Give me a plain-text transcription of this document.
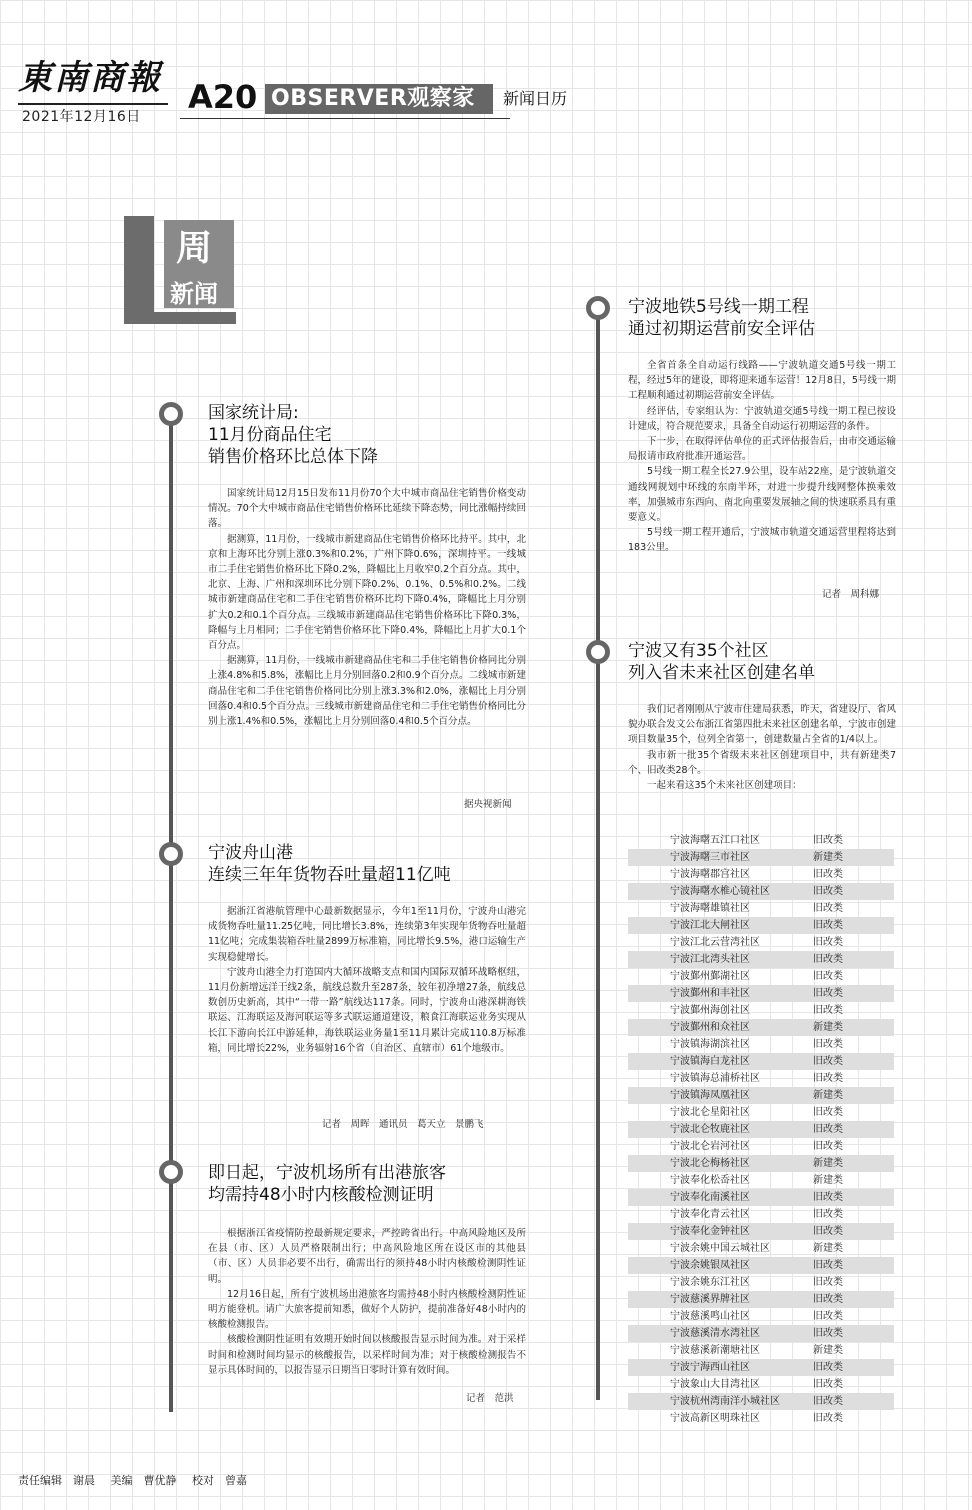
東南商報
2021年12月16日
A20 OBSERVER观察家	新闻日历
周
新闻
国家统计局:
11月份商品住宅
销售价格环比总体下降

国家统计局12月15日发布11月份70个大中城市商品住宅销售价格变动情况。70个大中城市商品住宅销售价格环比延续下降态势，同比涨幅持续回落。

据测算，11月份，一线城市新建商品住宅销售价格环比持平。其中，北京和上海环比分别上涨0.3%和0.2%，广州下降0.6%，深圳持平。一线城市二手住宅销售价格环比下降0.2%，降幅比上月收窄0.2个百分点。其中，北京、上海、广州和深圳环比分别下降0.2%、0.1%、0.5%和0.2%。二线城市新建商品住宅和二手住宅销售价格环比均下降0.4%，降幅比上月分别扩大0.2和0.1个百分点。三线城市新建商品住宅销售价格环比下降0.3%，降幅与上月相同；二手住宅销售价格环比下降0.4%，降幅比上月扩大0.1个百分点。

据测算，11月份，一线城市新建商品住宅和二手住宅销售价格同比分别上涨4.8%和5.8%，涨幅比上月分别回落0.2和0.9个百分点。二线城市新建商品住宅和二手住宅销售价格同比分别上涨3.3%和2.0%，涨幅比上月分别回落0.4和0.5个百分点。三线城市新建商品住宅和二手住宅销售价格同比分别上涨1.4%和0.5%，涨幅比上月分别回落0.4和0.5个百分点。

据央视新闻
宁波舟山港
连续三年年货物吞吐量超11亿吨

据浙江省港航管理中心最新数据显示，今年1至11月份，宁波舟山港完成货物吞吐量11.25亿吨，同比增长3.8%，连续第3年实现年货物吞吐量超11亿吨；完成集装箱吞吐量2899万标准箱，同比增长9.5%，港口运输生产实现稳健增长。

宁波舟山港全力打造国内大循环战略支点和国内国际双循环战略枢纽，11月份新增远洋干线2条，航线总数升至287条，较年初净增27条，航线总数创历史新高，其中“一带一路”航线达117条。同时，宁波舟山港深耕海铁联运、江海联运及海河联运等多式联运通道建设，粮食江海联运业务实现从长江下游向长江中游延伸，海铁联运业务量1至11月累计完成110.8万标准箱，同比增长22%，业务辐射16个省（自治区、直辖市）61个地级市。

记者　周晖　通讯员　葛天立　景鹏飞
即日起，宁波机场所有出港旅客
均需持48小时内核酸检测证明

根据浙江省疫情防控最新规定要求，严控跨省出行。中高风险地区及所在县（市、区）人员严格限制出行；中高风险地区所在设区市的其他县（市、区）人员非必要不出行，确需出行的须持48小时内核酸检测阴性证明。

12月16日起，所有宁波机场出港旅客均需持48小时内核酸检测阴性证明方能登机。请广大旅客提前知悉，做好个人防护，提前准备好48小时内的核酸检测报告。

核酸检测阴性证明有效期开始时间以核酸报告显示时间为准。对于采样时间和检测时间均显示的核酸报告，以采样时间为准；对于核酸检测报告不显示具体时间的，以报告显示日期当日零时计算有效时间。

记者　范洪
宁波地铁5号线一期工程
通过初期运营前安全评估

全省首条全自动运行线路——宁波轨道交通5号线一期工程，经过5年的建设，即将迎来通车运营！12月8日，5号线一期工程顺利通过初期运营前安全评估。

经评估，专家组认为：宁波轨道交通5号线一期工程已按设计建成，符合规范要求，具备全自动运行初期运营的条件。

下一步，在取得评估单位的正式评估报告后，由市交通运输局报请市政府批准开通运营。

5号线一期工程全长27.9公里，设车站22座，是宁波轨道交通线网规划中环线的东南半环，对进一步提升线网整体换乘效率，加强城市东西向、南北向重要发展轴之间的快速联系具有重要意义。

5号线一期工程开通后，宁波城市轨道交通运营里程将达到183公里。

记者　周科娜
宁波又有35个社区
列入省未来社区创建名单

我们记者刚刚从宁波市住建局获悉，昨天，省建设厅、省风貌办联合发文公布浙江省第四批未来社区创建名单，宁波市创建项目数量35个，位列全省第一，创建数量占全省的1/4以上。

我市新一批35个省级未来社区创建项目中，共有新建类7个、旧改类28个。

一起来看这35个未来社区创建项目：

宁波海曙五江口社区	旧改类
宁波海曙三市社区	新建类
宁波海曙郡宫社区	旧改类
宁波海曙水椎心镜社区	旧改类
宁波海曙雄镇社区	旧改类
宁波江北大闸社区	旧改类
宁波江北云营湾社区	旧改类
宁波江北湾头社区	旧改类
宁波鄞州鄞湖社区	旧改类
宁波鄞州和丰社区	旧改类
宁波鄞州海创社区	旧改类
宁波鄞州和众社区	新建类
宁波镇海湖滨社区	旧改类
宁波镇海白龙社区	旧改类
宁波镇海总浦桥社区	旧改类
宁波镇海凤凰社区	新建类
宁波北仑星阳社区	旧改类
宁波北仑牧鹿社区	旧改类
宁波北仑岩河社区	旧改类
宁波北仑梅杨社区	新建类
宁波奉化松岙社区	新建类
宁波奉化南溪社区	旧改类
宁波奉化青云社区	旧改类
宁波奉化金钟社区	旧改类
宁波余姚中国云城社区	新建类
宁波余姚银凤社区	旧改类
宁波余姚东江社区	旧改类
宁波慈溪界牌社区	旧改类
宁波慈溪鸣山社区	旧改类
宁波慈溪清水湾社区	旧改类
宁波慈溪新潮塘社区	新建类
宁波宁海西山社区	旧改类
宁波象山大目湾社区	旧改类
宁波杭州湾南洋小城社区	旧改类
宁波高新区明珠社区	旧改类
责任编辑　谢晨 美编　曹优静 校对　曾嘉
